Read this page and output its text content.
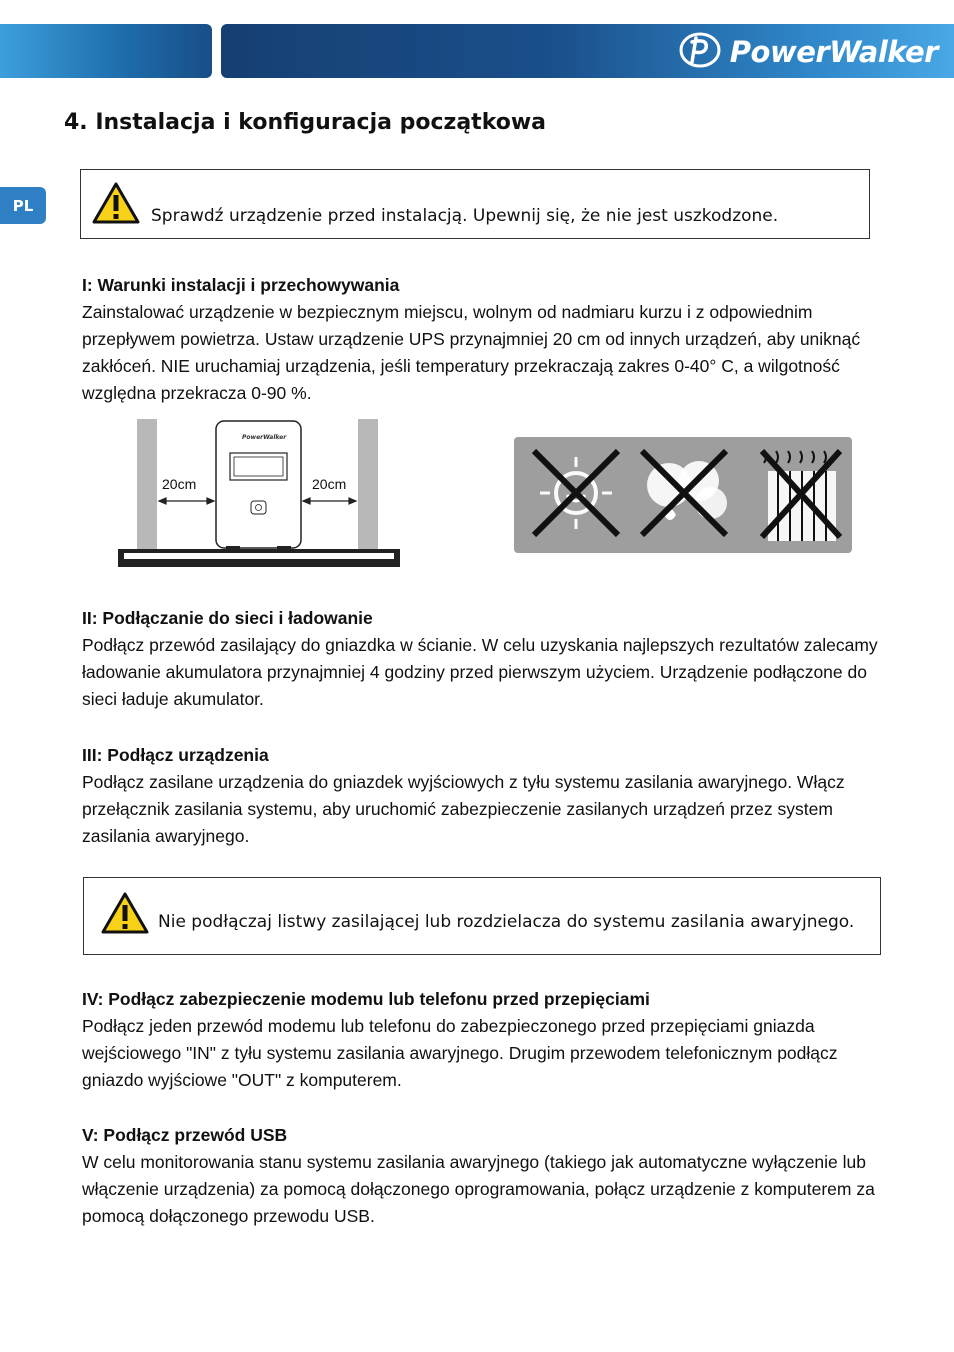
PowerWalker
PL
4. Instalacja i konfiguracja początkowa
Sprawdź urządzenie przed instalacją. Upewnij się, że nie jest uszkodzone.
I: Warunki instalacji i przechowywania

Zainstalować urządzenie w bezpiecznym miejscu, wolnym od nadmiaru kurzu i z odpowiednim przepływem powietrza. Ustaw urządzenie UPS przynajmniej 20 cm od innych urządzeń, aby uniknąć zakłóceń. NIE uruchamiaj urządzenia, jeśli temperatury przekraczają zakres 0-40° C, a wilgotność względna przekracza 0-90 %.

PowerWalker
20cm	20cm
II: Podłączanie do sieci i ładowanie

Podłącz przewód zasilający do gniazdka w ścianie. W celu uzyskania najlepszych rezultatów zalecamy ładowanie akumulatora przynajmniej 4 godziny przed pierwszym użyciem. Urządzenie podłączone do sieci ładuje akumulator.

III: Podłącz urządzenia

Podłącz zasilane urządzenia do gniazdek wyjściowych z tyłu systemu zasilania awaryjnego. Włącz przełącznik zasilania systemu, aby uruchomić zabezpieczenie zasilanych urządzeń przez system zasilania awaryjnego.

Nie podłączaj listwy zasilającej lub rozdzielacza do systemu zasilania awaryjnego.
IV: Podłącz zabezpieczenie modemu lub telefonu przed przepięciami

Podłącz jeden przewód modemu lub telefonu do zabezpieczonego przed przepięciami gniazda wejściowego "IN" z tyłu systemu zasilania awaryjnego. Drugim przewodem telefonicznym podłącz gniazdo wyjściowe "OUT" z komputerem.

V: Podłącz przewód USB

W celu monitorowania stanu systemu zasilania awaryjnego (takiego jak automatyczne wyłączenie lub włączenie urządzenia) za pomocą dołączonego oprogramowania, połącz urządzenie z komputerem za pomocą dołączonego przewodu USB.
